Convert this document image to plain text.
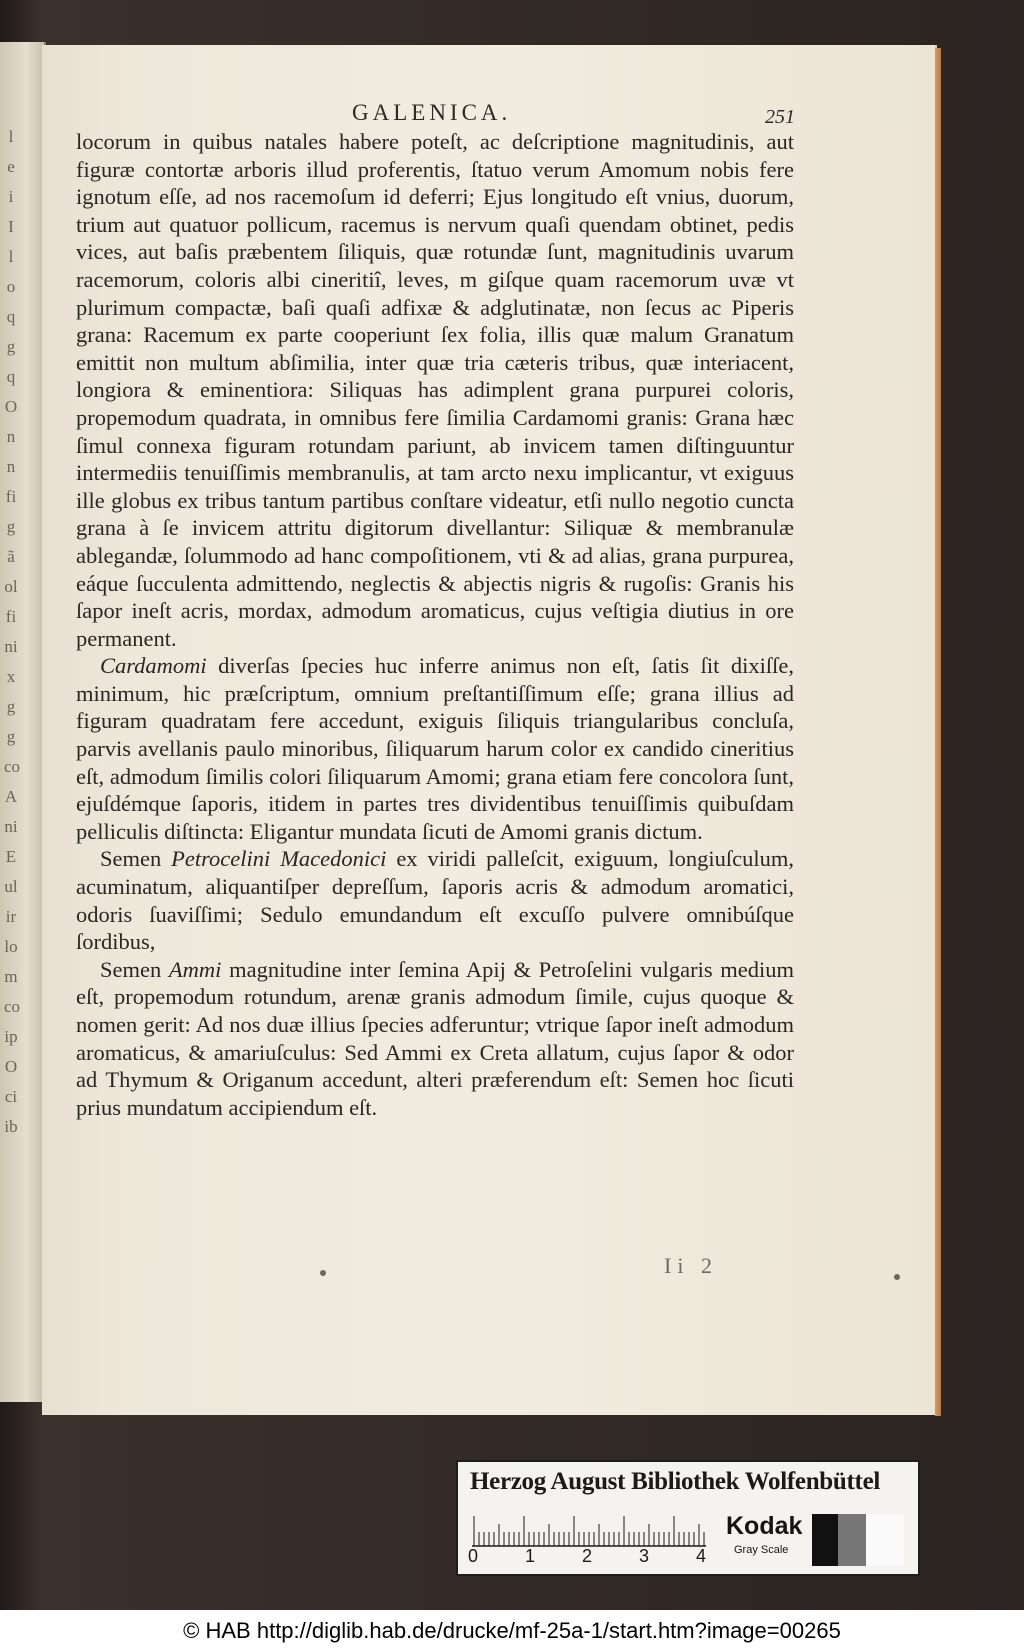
l
e
i
I
l
o
q
g
q
O
n
n
fi
g
ã
ol
fi
ni
x
g
g
co
A
ni
E
ul
ir
lo
m
co
ip
O
ci
ib
GALENICA.	251

locorum in quibus natales habere poteſt, ac deſcriptione magnitudinis, aut figuræ contortæ arboris illud proferentis, ſtatuo verum Amomum nobis fere ignotum eſſe, ad nos racemoſum id deferri; Ejus longitudo eſt vnius, duorum, trium aut quatuor pollicum, racemus is nervum quaſi quendam obtinet, pedis vices, aut baſis præbentem ſiliquis, quæ rotundæ ſunt, magnitudinis uvarum racemorum, coloris albi cineritiî, leves, m giſque quam racemorum uvæ vt plurimum compactæ, baſi quaſi adfixæ & adglutinatæ, non ſecus ac Piperis grana: Racemum ex parte cooperiunt ſex folia, illis quæ malum Granatum emittit non multum abſimilia, inter quæ tria cæteris tribus, quæ interiacent, longiora & eminentiora: Siliquas has adimplent grana purpurei coloris, propemodum quadrata, in omnibus fere ſimilia Cardamomi granis: Grana hæc ſimul connexa figuram rotundam pariunt, ab invicem tamen diſtinguuntur intermediis tenuiſſimis membranulis, at tam arcto nexu implicantur, vt exiguus ille globus ex tribus tantum partibus conſtare videatur, etſi nullo negotio cuncta grana à ſe invicem attritu digitorum divellantur: Siliquæ & membranulæ ablegandæ, ſolummodo ad hanc compoſitionem, vti & ad alias, grana purpurea, eáque ſucculenta admittendo, neglectis & abjectis nigris & rugoſis: Granis his ſapor ineſt acris, mordax, admodum aromaticus, cujus veſtigia diutius in ore permanent.

Cardamomi diverſas ſpecies huc inferre animus non eſt, ſatis ſit dixiſſe, minimum, hic præſcriptum, omnium preſtantiſſimum eſſe; grana illius ad figuram quadratam fere accedunt, exiguis ſiliquis triangularibus concluſa, parvis avellanis paulo minoribus, ſiliquarum harum color ex candido cineritius eſt, admodum ſimilis colori ſiliquarum Amomi; grana etiam fere concolora ſunt, ejuſdémque ſaporis, itidem in partes tres dividentibus tenuiſſimis quibuſdam pelliculis diſtincta: Eligantur mundata ſicuti de Amomi granis dictum.

Semen Petrocelini Macedonici ex viridi palleſcit, exiguum, longiuſculum, acuminatum, aliquantiſper depreſſum, ſaporis acris & admodum aromatici, odoris ſuaviſſimi; Sedulo emundandum eſt excuſſo pulvere omnibúſque ſordibus,

Semen Ammi magnitudine inter ſemina Apij & Petroſelini vulgaris medium eſt, propemodum rotundum, arenæ granis admodum ſimile, cujus quoque & nomen gerit: Ad nos duæ illius ſpecies adferuntur; vtrique ſapor ineſt admodum aromaticus, & amariuſculus: Sed Ammi ex Creta allatum, cujus ſapor & odor ad Thymum & Origanum accedunt, alteri præferendum eſt: Semen hoc ſicuti prius mundatum accipiendum eſt.

Ii 2
Herzog August Bibliothek Wolfenbüttel
0	1	2	3	4
Kodak
Gray Scale
© HAB http://diglib.hab.de/drucke/mf-25a-1/start.htm?image=00265
